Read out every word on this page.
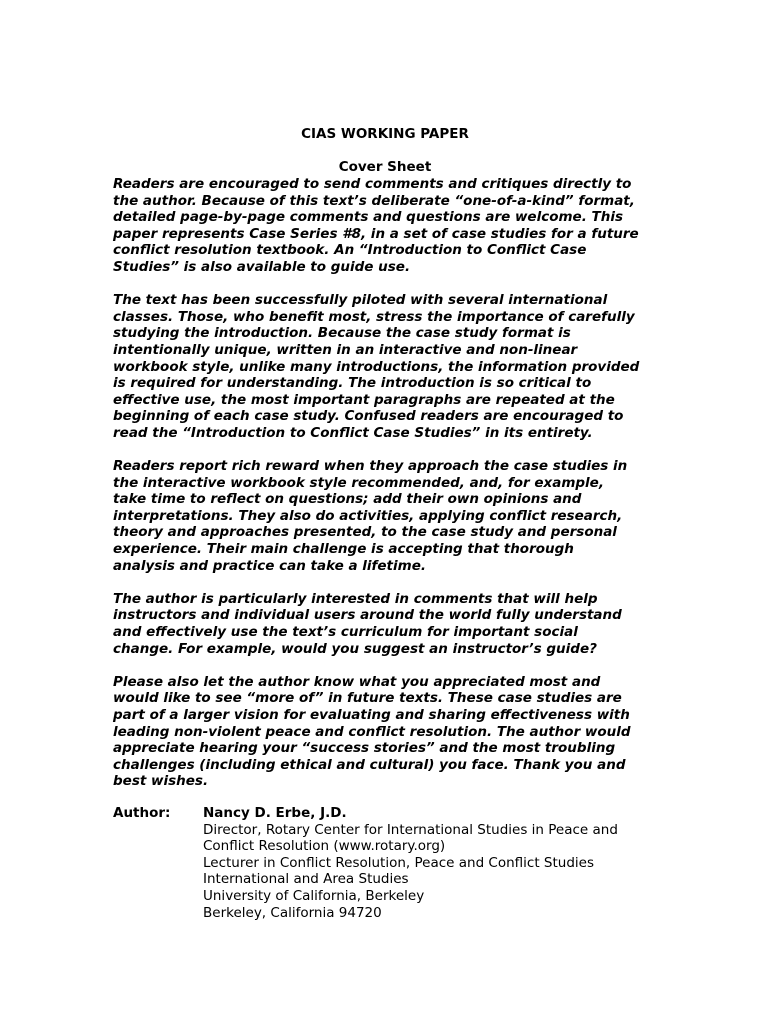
CIAS WORKING PAPER
Cover Sheet

Readers are encouraged to send comments and critiques directly to
the author. Because of this text’s deliberate “one-of-a-kind” format,
detailed page-by-page comments and questions are welcome. This
paper represents Case Series #8, in a set of case studies for a future
conflict resolution textbook. An “Introduction to Conflict Case
Studies” is also available to guide use.

The text has been successfully piloted with several international
classes. Those, who benefit most, stress the importance of carefully
studying the introduction. Because the case study format is
intentionally unique, written in an interactive and non-linear
workbook style, unlike many introductions, the information provided
is required for understanding. The introduction is so critical to
effective use, the most important paragraphs are repeated at the
beginning of each case study. Confused readers are encouraged to
read the “Introduction to Conflict Case Studies” in its entirety.

Readers report rich reward when they approach the case studies in
the interactive workbook style recommended, and, for example,
take time to reflect on questions; add their own opinions and
interpretations. They also do activities, applying conflict research,
theory and approaches presented, to the case study and personal
experience. Their main challenge is accepting that thorough
analysis and practice can take a lifetime.

The author is particularly interested in comments that will help
instructors and individual users around the world fully understand
and effectively use the text’s curriculum for important social
change. For example, would you suggest an instructor’s guide?

Please also let the author know what you appreciated most and
would like to see “more of” in future texts. These case studies are
part of a larger vision for evaluating and sharing effectiveness with
leading non-violent peace and conflict resolution. The author would
appreciate hearing your “success stories” and the most troubling
challenges (including ethical and cultural) you face. Thank you and
best wishes.

Author: Nancy D. Erbe, J.D.
Director, Rotary Center for International Studies in Peace and
Conflict Resolution (www.rotary.org)
Lecturer in Conflict Resolution, Peace and Conflict Studies
International and Area Studies
University of California, Berkeley
Berkeley, California 94720
